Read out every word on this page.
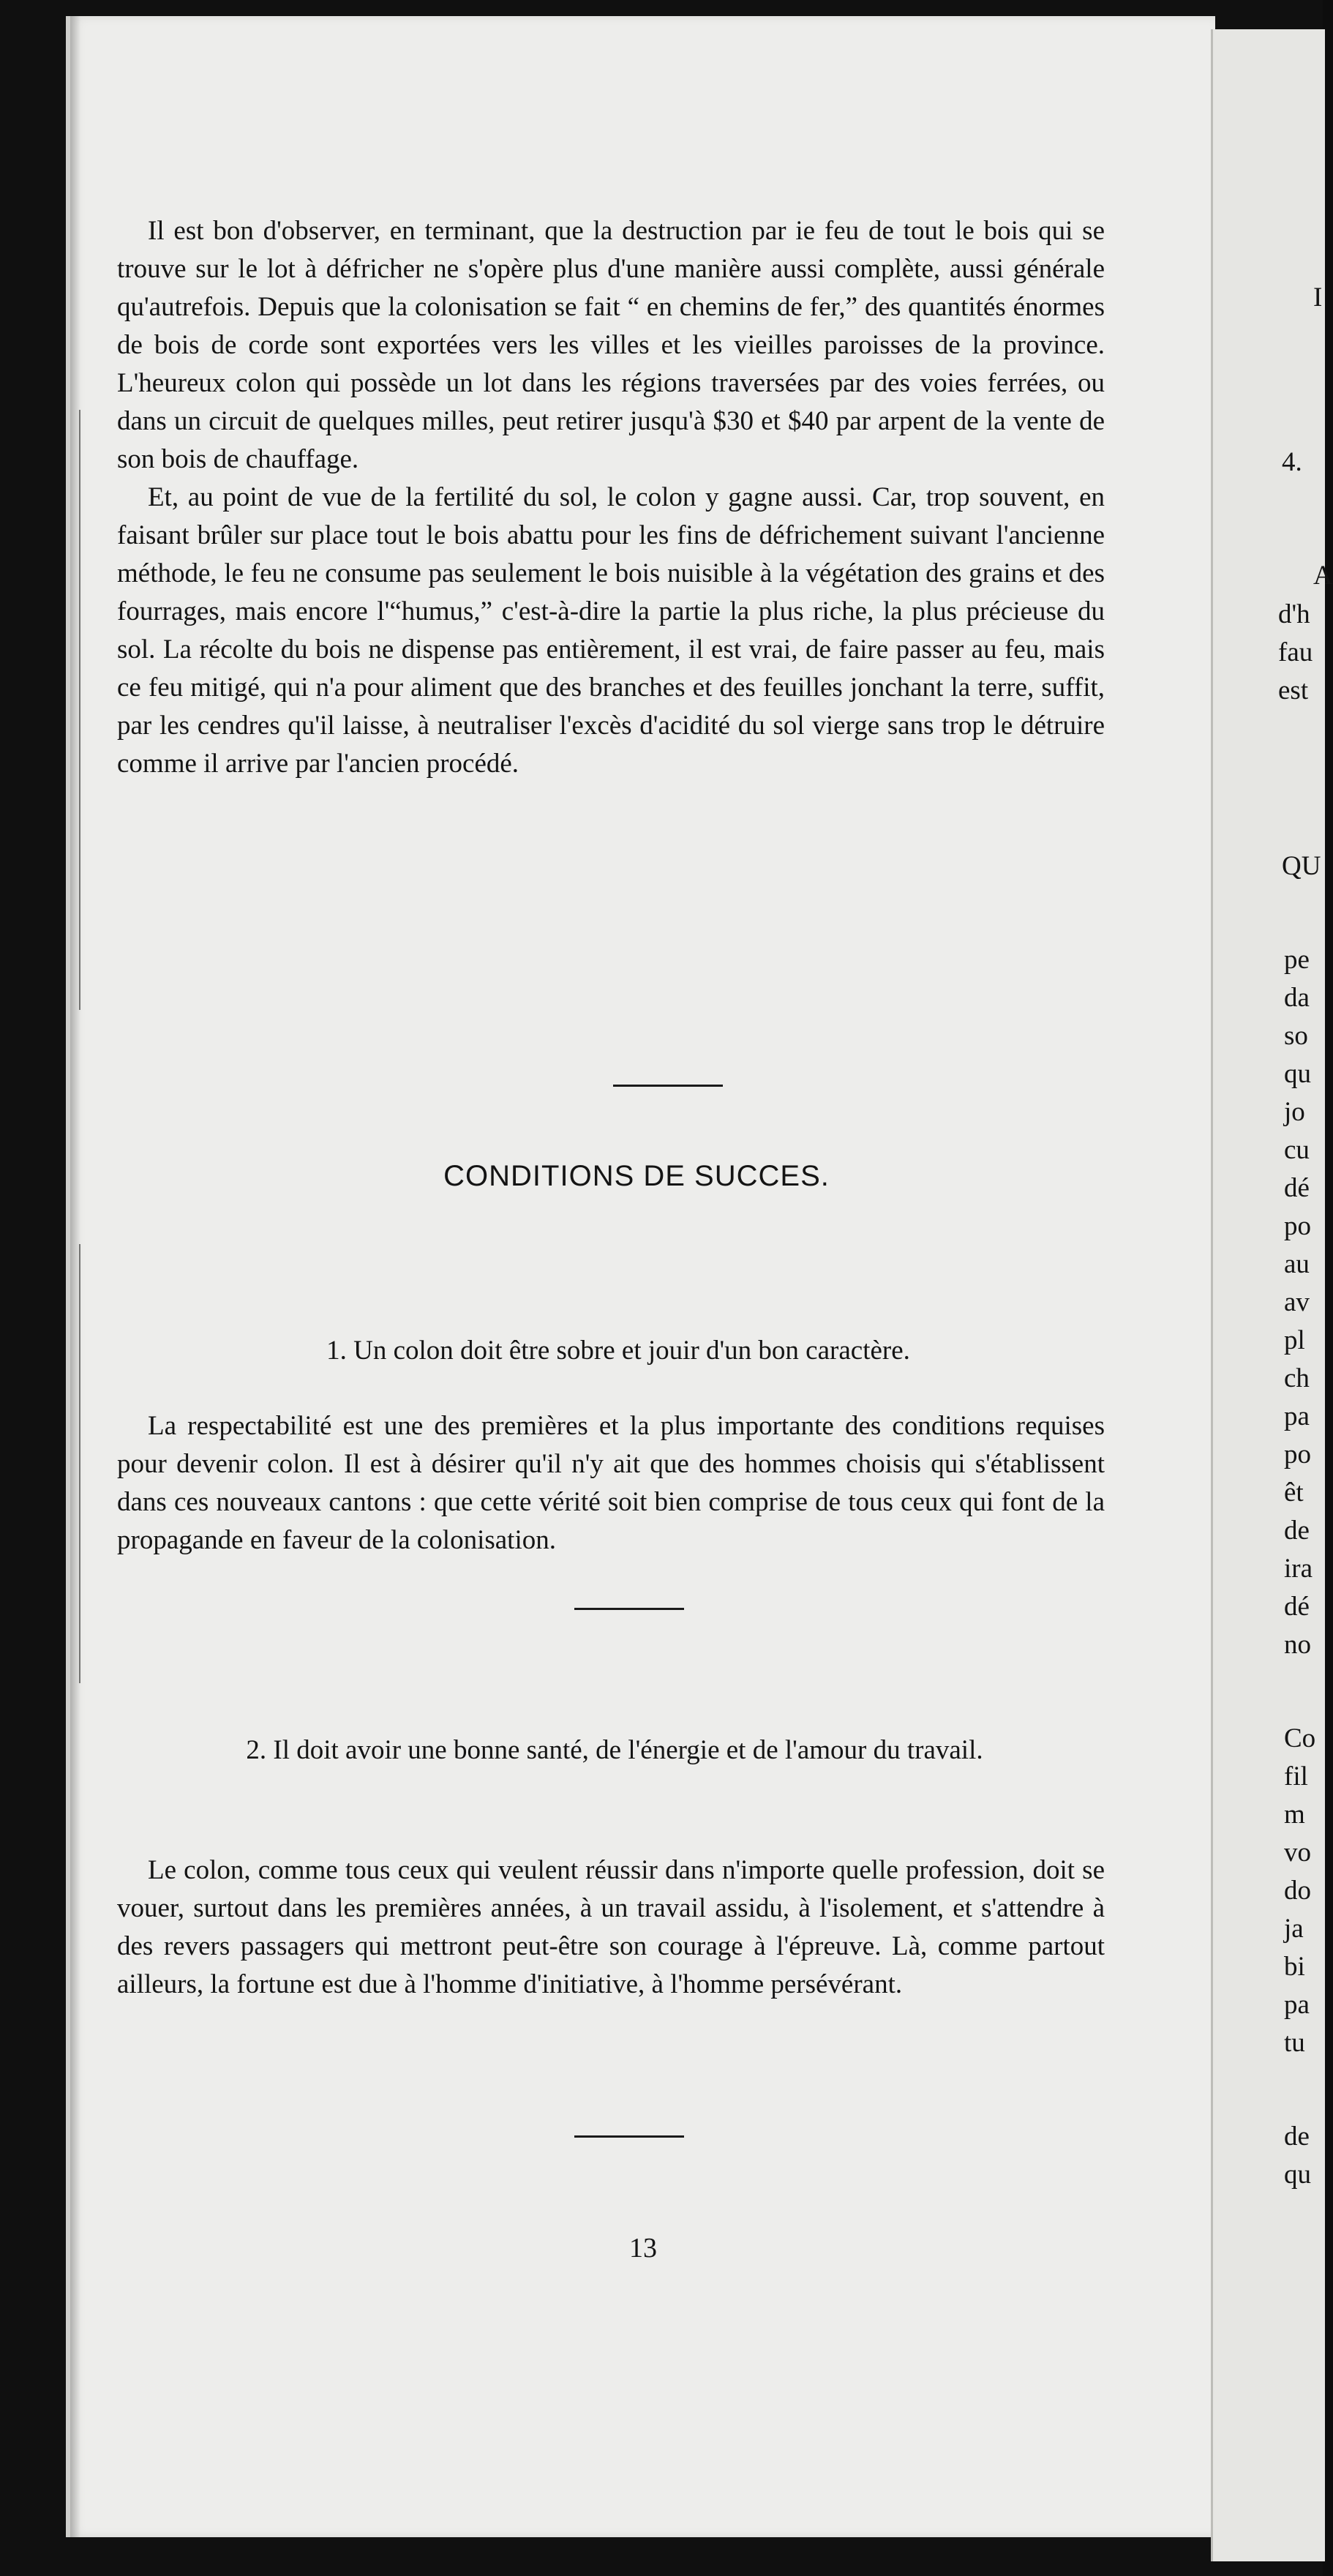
Il est bon d'observer, en terminant, que la destruction par ie feu de tout le bois qui se trouve sur le lot à défricher ne s'opère plus d'une manière aussi complète, aussi générale qu'autrefois. Depuis que la colonisation se fait “ en chemins de fer,” des quantités énormes de bois de corde sont exportées vers les villes et les vieilles paroisses de la province. L'heureux colon qui possède un lot dans les régions traversées par des voies ferrées, ou dans un circuit de quelques milles, peut retirer jusqu'à $30 et $40 par arpent de la vente de son bois de chauffage.

Et, au point de vue de la fertilité du sol, le colon y gagne aussi. Car, trop souvent, en faisant brûler sur place tout le bois abattu pour les fins de défrichement suivant l'ancienne méthode, le feu ne consume pas seulement le bois nuisible à la végétation des grains et des fourrages, mais encore l'“humus,” c'est-à-dire la partie la plus riche, la plus précieuse du sol. La récolte du bois ne dispense pas entièrement, il est vrai, de faire passer au feu, mais ce feu mitigé, qui n'a pour aliment que des branches et des feuilles jonchant la terre, suffit, par les cendres qu'il laisse, à neutraliser l'excès d'acidité du sol vierge sans trop le détruire comme il arrive par l'ancien procédé.

CONDITIONS DE SUCCES.
1. Un colon doit être sobre et jouir d'un bon caractère.

La respectabilité est une des premières et la plus importante des conditions requises pour devenir colon. Il est à désirer qu'il n'y ait que des hommes choisis qui s'établissent dans ces nouveaux cantons : que cette vérité soit bien comprise de tous ceux qui font de la propagande en faveur de la colonisation.

2. Il doit avoir une bonne santé, de l'énergie et de l'amour du travail.

Le colon, comme tous ceux qui veulent réussir dans n'importe quelle profession, doit se vouer, surtout dans les premières années, à un travail assidu, à l'isolement, et s'attendre à des revers passagers qui mettront peut-être son courage à l'épreuve. Là, comme partout ailleurs, la fortune est due à l'homme d'initiative, à l'homme persévérant.

13
I
4.
A
d'h
fau
est
QU
pe
da
so
qu
jo
cu
dé
po
au
av
pl
ch
pa
po
êt
de
ira
dé
no
Co
fil
m
vo
do
ja
bi
pa
tu
de
qu
